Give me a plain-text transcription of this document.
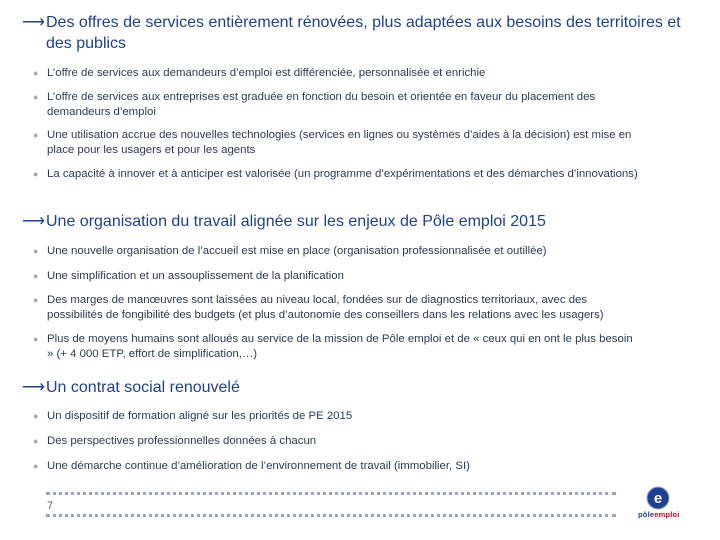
⟶ Des offres de services entièrement rénovées, plus adaptées aux besoins des territoires et des publics
● L’offre de services aux demandeurs d’emploi est différenciée, personnalisée et enrichie
● L’offre de services aux entreprises est graduée en fonction du besoin et orientée en faveur du placement des demandeurs d’emploi
● Une utilisation accrue des nouvelles technologies (services en lignes ou systèmes d’aides à la décision) est mise en place pour les usagers et pour les agents
● La capacité à innover et à anticiper est valorisée (un programme d’expérimentations et des démarches d’innovations)
⟶ Une organisation du travail alignée sur les enjeux de Pôle emploi 2015
● Une nouvelle organisation de l’accueil est mise en place (organisation professionnalisée et outillée)
● Une simplification et un assouplissement de la planification
● Des marges de manœuvres sont laissées au niveau local, fondées sur de diagnostics territoriaux, avec des possibilités de fongibilité des budgets (et plus d’autonomie des conseillers dans les relations avec les usagers)
● Plus de moyens humains sont alloués au service de la mission de Pôle emploi et de « ceux qui en ont le plus besoin » (+ 4 000 ETP, effort de simplification,…)
⟶ Un contrat social renouvelé
● Un dispositif de formation aligné sur les priorités de PE 2015
● Des perspectives professionnelles données à chacun
● Une démarche continue d’amélioration de l’environnement de travail (immobilier, SI)
7	e
pôleemploi
